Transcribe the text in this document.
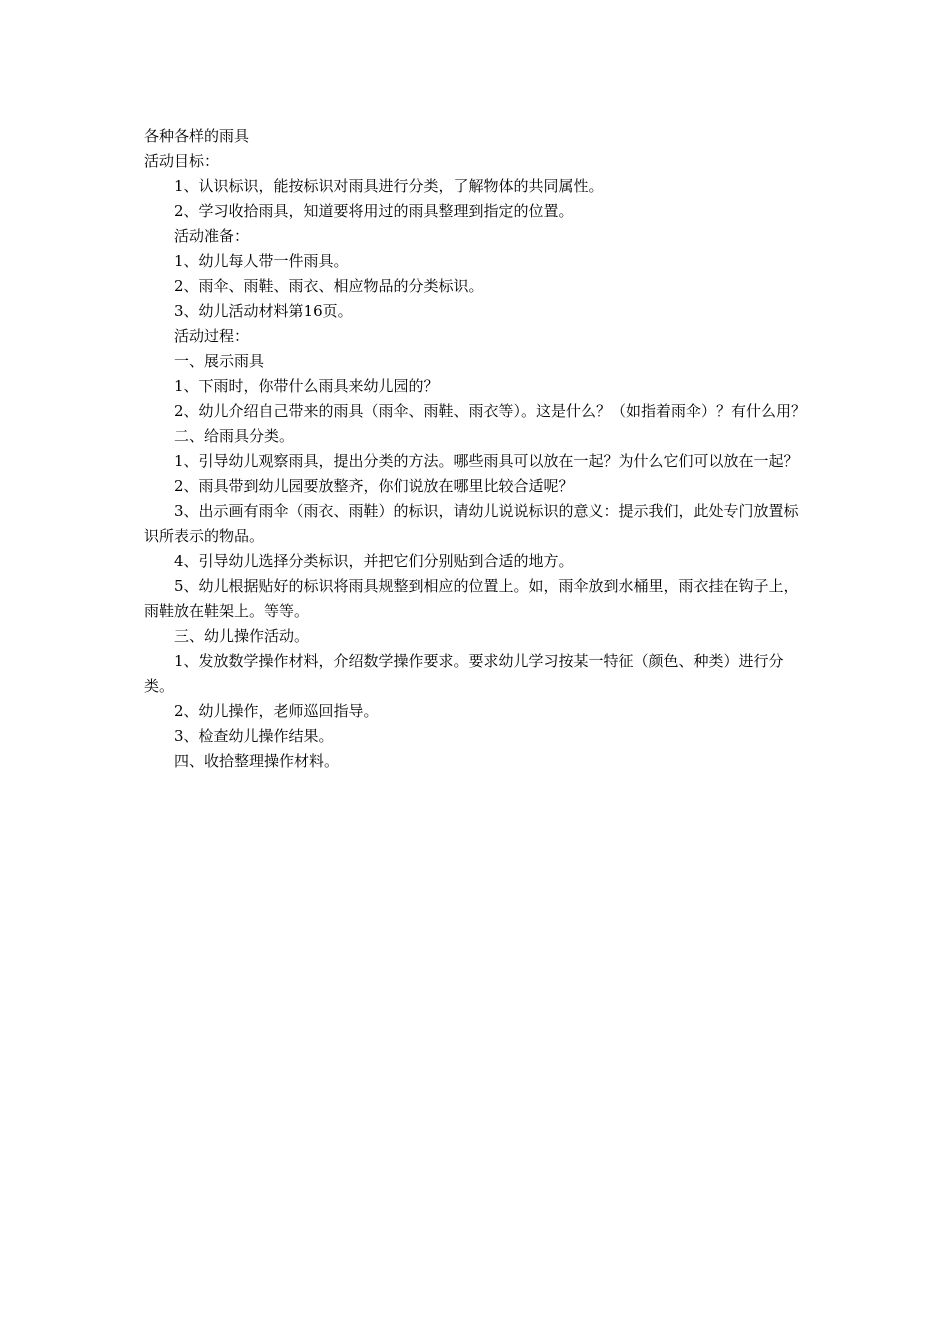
各种各样的雨具

活动目标：

1、认识标识，能按标识对雨具进行分类，了解物体的共同属性。

2、学习收拾雨具，知道要将用过的雨具整理到指定的位置。

活动准备：

1、幼儿每人带一件雨具。

2、雨伞、雨鞋、雨衣、相应物品的分类标识。

3、幼儿活动材料第16页。

活动过程：

一、展示雨具

1、下雨时，你带什么雨具来幼儿园的？

2、幼儿介绍自己带来的雨具（雨伞、雨鞋、雨衣等）。这是什么？（如指着雨伞）？有什么用？

二、给雨具分类。

1、引导幼儿观察雨具，提出分类的方法。哪些雨具可以放在一起？为什么它们可以放在一起？

2、雨具带到幼儿园要放整齐，你们说放在哪里比较合适呢？

3、出示画有雨伞（雨衣、雨鞋）的标识，请幼儿说说标识的意义：提示我们，此处专门放置标识所表示的物品。

4、引导幼儿选择分类标识，并把它们分别贴到合适的地方。

5、幼儿根据贴好的标识将雨具规整到相应的位置上。如，雨伞放到水桶里，雨衣挂在钩子上，雨鞋放在鞋架上。等等。

三、幼儿操作活动。

1、发放数学操作材料，介绍数学操作要求。要求幼儿学习按某一特征（颜色、种类）进行分类。

2、幼儿操作，老师巡回指导。

3、检查幼儿操作结果。

四、收拾整理操作材料。
